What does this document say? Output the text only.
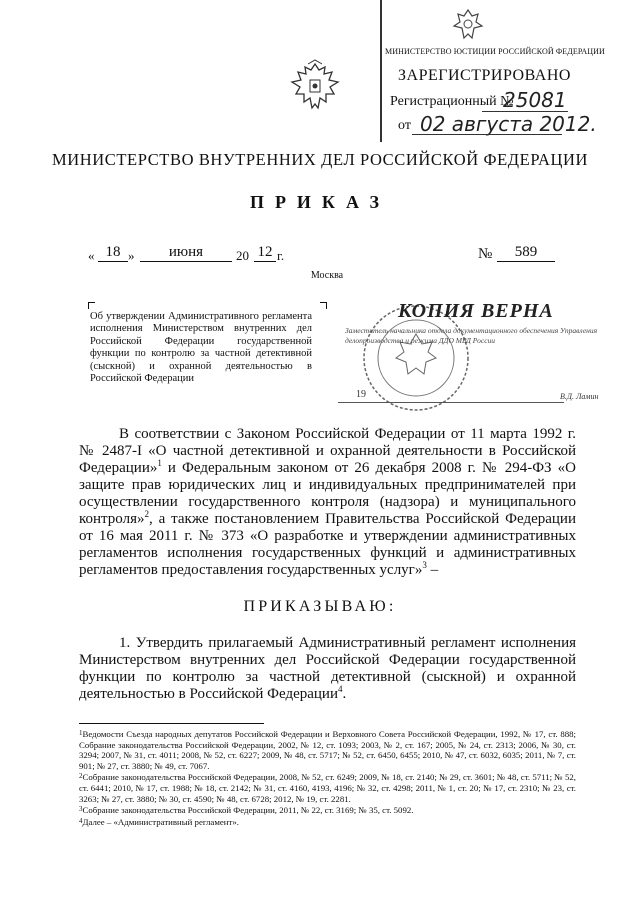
МИНИСТЕРСТВО ЮСТИЦИИ РОССИЙСКОЙ ФЕДЕРАЦИИ
ЗАРЕГИСТРИРОВАНО
Регистрационный №
25081
от 02 августа 2012.
МИНИСТЕРСТВО ВНУТРЕННИХ ДЕЛ РОССИЙСКОЙ ФЕДЕРАЦИИ
ПРИКАЗ
« 18 »	июня	20 12 г.	№	589
Москва
Об утверждении Административного регламента исполнения Министерством внутренних дел Российской Федерации государственной функции по контролю за частной детективной (сыскной) и охранной деятельностью в Российской Федерации
КОПИЯ ВЕРНА
Заместитель начальника отдела документационного обеспечения Управления делопроизводства и режима ДДО МВД России
19	В.Д. Ламин
В соответствии с Законом Российской Федерации от 11 марта 1992 г. № 2487-I «О частной детективной и охранной деятельности в Российской Федерации»$^1$ и Федеральным законом от 26 декабря 2008 г. № 294-ФЗ «О защите прав юридических лиц и индивидуальных предпринимателей при осуществлении государственного контроля (надзора) и муниципального контроля»$^2$, а также постановлением Правительства Российской Федерации от 16 мая 2011 г. № 373 «О разработке и утверждении административных регламентов исполнения государственных функций и административных регламентов предоставления государственных услуг»$^3$ –
ПРИКАЗЫВАЮ:
1. Утвердить прилагаемый Административный регламент исполнения Министерством внутренних дел Российской Федерации государственной функции по контролю за частной детективной (сыскной) и охранной деятельностью в Российской Федерации$^4$.

$^1$Ведомости Съезда народных депутатов Российской Федерации и Верховного Совета Российской Федерации, 1992, № 17, ст. 888; Собрание законодательства Российской Федерации, 2002, № 12, ст. 1093; 2003, № 2, ст. 167; 2005, № 24, ст. 2313; 2006, № 30, ст. 3294; 2007, № 31, ст. 4011; 2008, № 52, ст. 6227; 2009, № 48, ст. 5717; № 52, ст. 6450, 6455; 2010, № 47, ст. 6032, 6035; 2011, № 7, ст. 901; № 27, ст. 3880; № 49, ст. 7067.

$^2$Собрание законодательства Российской Федерации, 2008, № 52, ст. 6249; 2009, № 18, ст. 2140; № 29, ст. 3601; № 48, ст. 5711; № 52, ст. 6441; 2010, № 17, ст. 1988; № 18, ст. 2142; № 31, ст. 4160, 4193, 4196; № 32, ст. 4298; 2011, № 1, ст. 20; № 17, ст. 2310; № 23, ст. 3263; № 27, ст. 3880; № 30, ст. 4590; № 48, ст. 6728; 2012, № 19, ст. 2281.

$^3$Собрание законодательства Российской Федерации, 2011, № 22, ст. 3169; № 35, ст. 5092.

$^4$Далее – «Административный регламент».
